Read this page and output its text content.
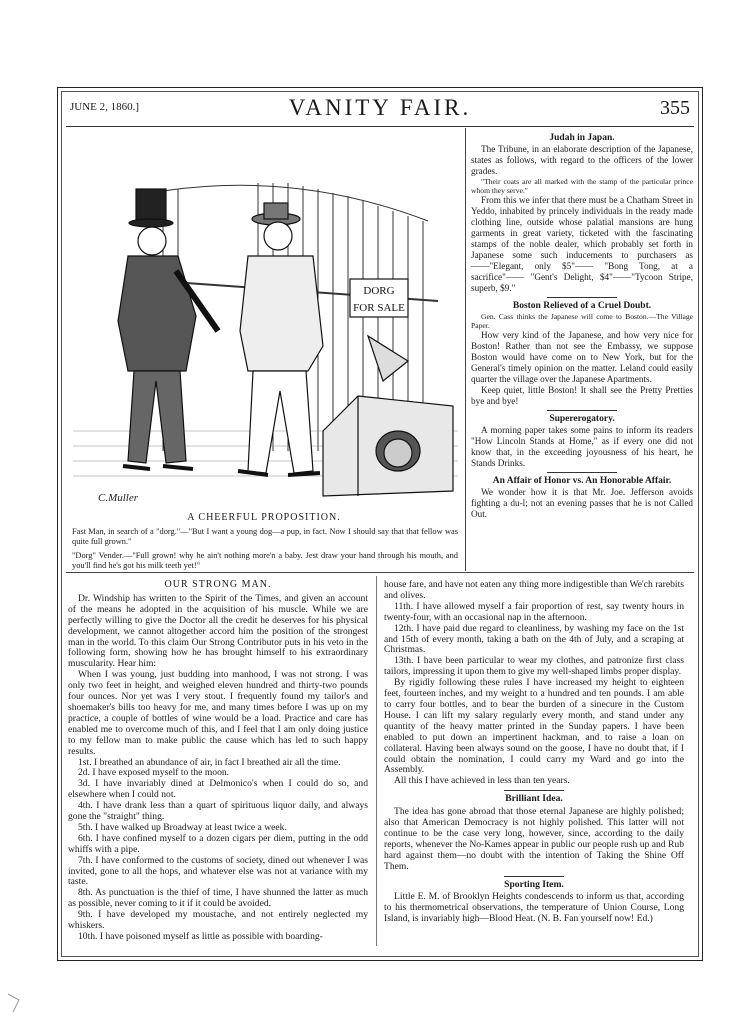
JUNE 2, 1860.]	VANITY FAIR.	355
DORG
FOR SALE
C.Muller
A CHEERFUL PROPOSITION.
Fast Man, in search of a "dorg."—"But I want a young dog—a pup, in fact. Now I should say that that fellow was quite full grown."
"Dorg" Vender.—"Full grown! why he ain't nothing more'n a baby. Jest draw your hand through his mouth, and you'll find he's got his milk teeth yet!"
Judah in Japan.

The Tribune, in an elaborate description of the Japanese, states as follows, with regard to the officers of the lower grades.

"Their coats are all marked with the stamp of the particular prince whom they serve."

From this we infer that there must be a Chatham Street in Yeddo, inhabited by princely individuals in the ready made clothing line, outside whose palatial mansions are hung garments in great variety, ticketed with the fascinating stamps of the noble dealer, which probably set forth in Japanese some such inducements to purchasers as——"Elegant, only $5"—— "Bong Tong, at a sacrifice"—— "Gent's Delight, $4"——"Tycoon Stripe, superb, $9."

Boston Relieved of a Cruel Doubt.

Gen. Cass thinks the Japanese will come to Boston.—The Village Paper.

How very kind of the Japanese, and how very nice for Boston! Rather than not see the Embassy, we suppose Boston would have come on to New York, but for the General's timely opinion on the matter. Leland could easily quarter the village over the Japanese Apartments.

Keep quiet, little Boston! It shall see the Pretty Pretties bye and bye!

Supererogatory.

A morning paper takes some pains to inform its readers "How Lincoln Stands at Home," as if every one did not know that, in the exceeding joyousness of his heart, he Stands Drinks.

An Affair of Honor vs. An Honorable Affair.

We wonder how it is that Mr. Joe. Jefferson avoids fighting a du-l; not an evening passes that he is not Called Out.

OUR STRONG MAN.

Dr. Windship has written to the Spirit of the Times, and given an account of the means he adopted in the acquisition of his muscle. While we are perfectly willing to give the Doctor all the credit he deserves for his physical development, we cannot altogether accord him the position of the strongest man in the world. To this claim Our Strong Contributor puts in his veto in the following form, showing how he has brought himself to his extraordinary muscularity. Hear him:

When I was young, just budding into manhood, I was not strong. I was only two feet in height, and weighed eleven hundred and thirty-two pounds four ounces. Nor yet was I very stout. I frequently found my tailor's and shoemaker's bills too heavy for me, and many times before I was up on my practice, a couple of bottles of wine would be a load. Practice and care has enabled me to overcome much of this, and I feel that I am only doing justice to my fellow man to make public the cause which has led to such happy results.

1st. I breathed an abundance of air, in fact I breathed air all the time.

2d. I have exposed myself to the moon.

3d. I have invariably dined at Delmonico's when I could do so, and elsewhere when I could not.

4th. I have drank less than a quart of spirituous liquor daily, and always gone the "straight" thing.

5th. I have walked up Broadway at least twice a week.

6th. I have confined myself to a dozen cigars per diem, putting in the odd whiffs with a pipe.

7th. I have conformed to the customs of society, dined out whenever I was invited, gone to all the hops, and whatever else was not at variance with my taste.

8th. As punctuation is the thief of time, I have shunned the latter as much as possible, never coming to it if it could be avoided.

9th. I have developed my moustache, and not entirely neglected my whiskers.

10th. I have poisoned myself as little as possible with boarding-

house fare, and have not eaten any thing more indigestible than We'ch rarebits and olives.

11th. I have allowed myself a fair proportion of rest, say twenty hours in twenty-four, with an occasional nap in the afternoon.

12th. I have paid due regard to cleanliness, by washing my face on the 1st and 15th of every month, taking a bath on the 4th of July, and a scraping at Christmas.

13th. I have been particular to wear my clothes, and patronize first class tailors, impressing it upon them to give my well-shaped limbs proper display.

By rigidly following these rules I have increased my height to eighteen feet, fourteen inches, and my weight to a hundred and ten pounds. I am able to carry four bottles, and to bear the burden of a sinecure in the Custom House. I can lift my salary regularly every month, and stand under any quantity of the heavy matter printed in the Sunday papers. I have been enabled to put down an impertinent hackman, and to raise a loan on collateral. Having been always sound on the goose, I have no doubt that, if I could obtain the nomination, I could carry my Ward and go into the Assembly.

All this I have achieved in less than ten years.

Brilliant Idea.

The idea has gone abroad that those eternal Japanese are highly polished; also that American Democracy is not highly polished. This latter will not continue to be the case very long, however, since, according to the daily reports, whenever the No-Kames appear in public our people rush up and Rub hard against them—no doubt with the intention of Taking the Shine Off Them.

Sporting Item.

Little E. M. of Brooklyn Heights condescends to inform us that, according to his thermometrical observations, the temperature of Union Course, Long Island, is invariably high—Blood Heat. (N. B. Fan yourself now! Ed.)
